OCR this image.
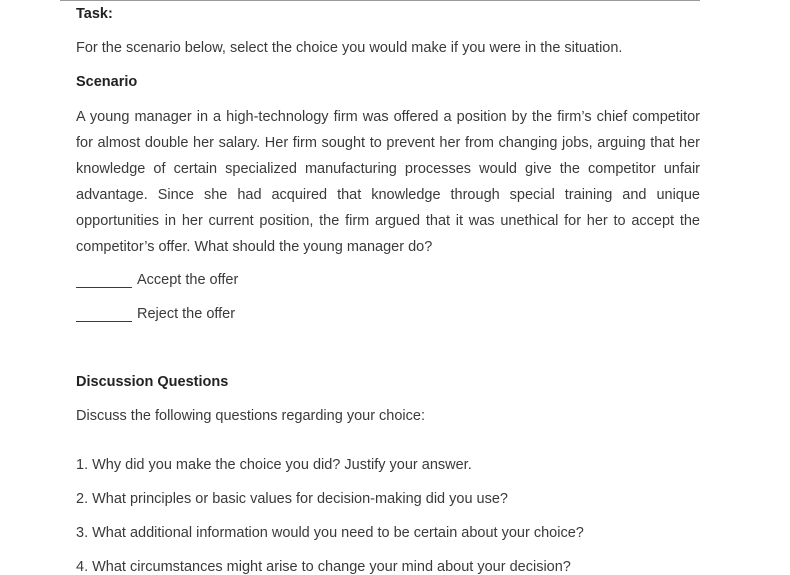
Task:

For the scenario below, select the choice you would make if you were in the situation.

Scenario

A young manager in a high-technology firm was offered a position by the firm’s chief competitor for almost double her salary. Her firm sought to prevent her from changing jobs, arguing that her knowledge of certain specialized manufacturing processes would give the competitor unfair advantage. Since she had acquired that knowledge through special training and unique opportunities in her current position, the firm argued that it was unethical for her to accept the competitor’s offer. What should the young manager do?

Accept the offer
Reject the offer

Discussion Questions

Discuss the following questions regarding your choice:

1. Why did you make the choice you did? Justify your answer.

2. What principles or basic values for decision-making did you use?

3. What additional information would you need to be certain about your choice?

4. What circumstances might arise to change your mind about your decision?
